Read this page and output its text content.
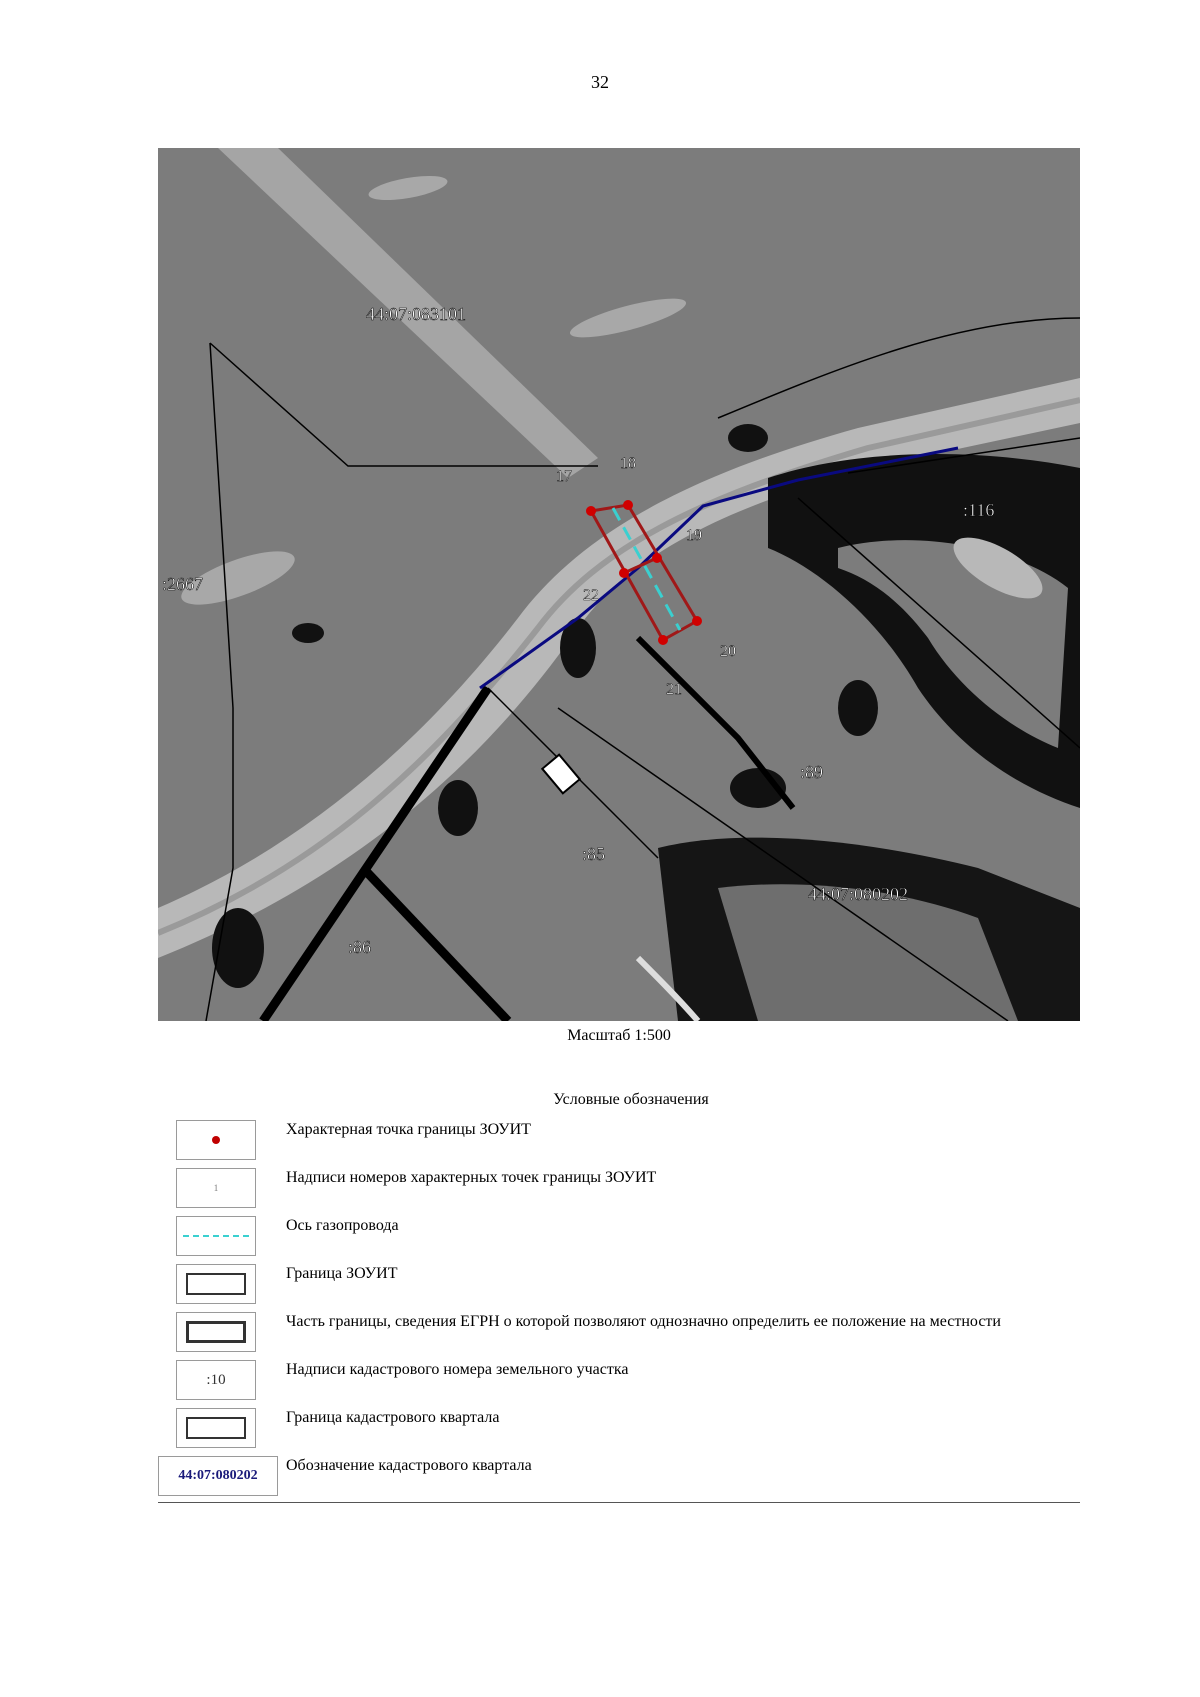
32
17
18
19
20
21
22
44:07:083101
44:07:080202
:2667
:116
:89
:85
:86
Масштаб 1:500
Условные обозначения
Характерная точка границы ЗОУИТ
1
Надписи номеров характерных точек границы ЗОУИТ
Ось газопровода
Граница ЗОУИТ
Часть границы, сведения ЕГРН о которой позволяют однозначно определить ее положение на местности
:10
Надписи кадастрового номера земельного участка
Граница кадастрового квартала
44:07:080202
Обозначение кадастрового квартала
